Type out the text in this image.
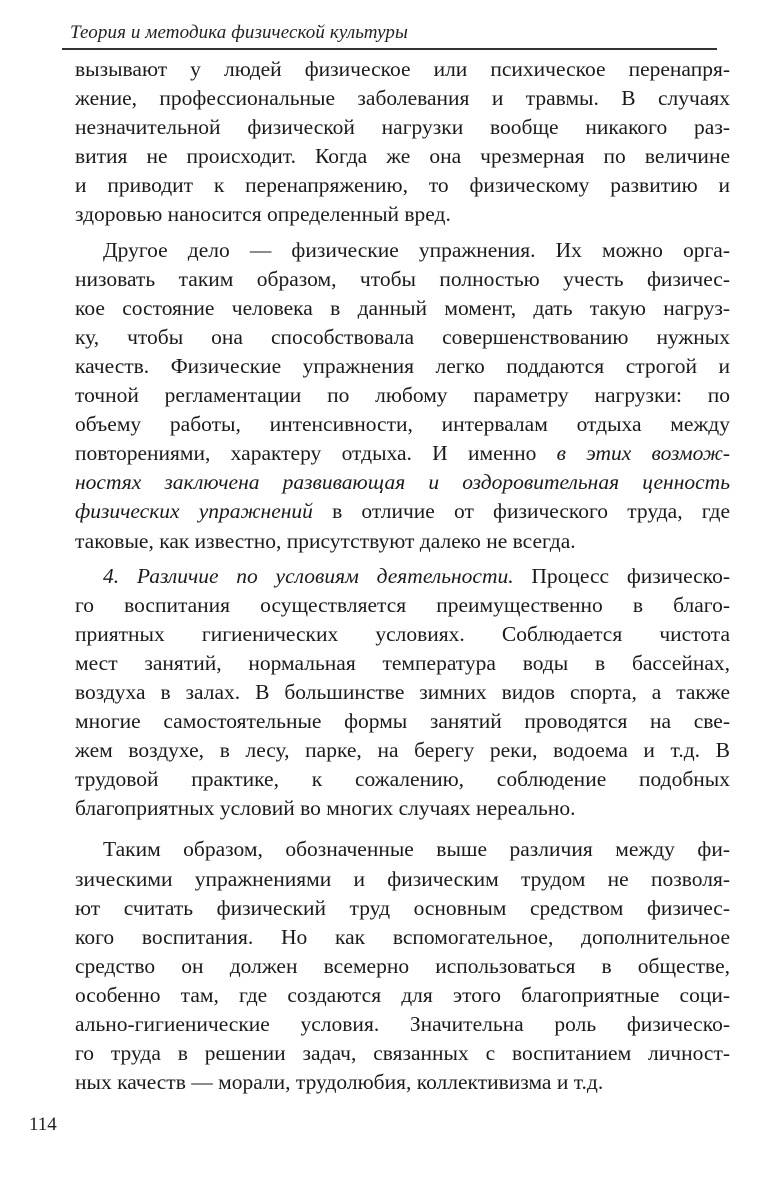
Теория и методика физической культуры
вызывают у людей физическое или психическое перенапря-
жение, профессиональные заболевания и травмы. В случаях
незначительной физической нагрузки вообще никакого раз-
вития не происходит. Когда же она чрезмерная по величине
и приводит к перенапряжению, то физическому развитию и
здоровью наносится определенный вред.
Другое дело — физические упражнения. Их можно орга-
низовать таким образом, чтобы полностью учесть физичес-
кое состояние человека в данный момент, дать такую нагруз-
ку, чтобы она способствовала совершенствованию нужных
качеств. Физические упражнения легко поддаются строгой и
точной регламентации по любому параметру нагрузки: по
объему работы, интенсивности, интервалам отдыха между
повторениями, характеру отдыха. И именно в этих возмож-
ностях заключена развивающая и оздоровительная ценность
физических упражнений в отличие от физического труда, где
таковые, как известно, присутствуют далеко не всегда.
4. Различие по условиям деятельности. Процесс физическо-
го воспитания осуществляется преимущественно в благо-
приятных гигиенических условиях. Соблюдается чистота
мест занятий, нормальная температура воды в бассейнах,
воздуха в залах. В большинстве зимних видов спорта, а также
многие самостоятельные формы занятий проводятся на све-
жем воздухе, в лесу, парке, на берегу реки, водоема и т.д. В
трудовой практике, к сожалению, соблюдение подобных
благоприятных условий во многих случаях нереально.
Таким образом, обозначенные выше различия между фи-
зическими упражнениями и физическим трудом не позволя-
ют считать физический труд основным средством физичес-
кого воспитания. Но как вспомогательное, дополнительное
средство он должен всемерно использоваться в обществе,
особенно там, где создаются для этого благоприятные соци-
ально-гигиенические условия. Значительна роль физическо-
го труда в решении задач, связанных с воспитанием личност-
ных качеств — морали, трудолюбия, коллективизма и т.д.
114
